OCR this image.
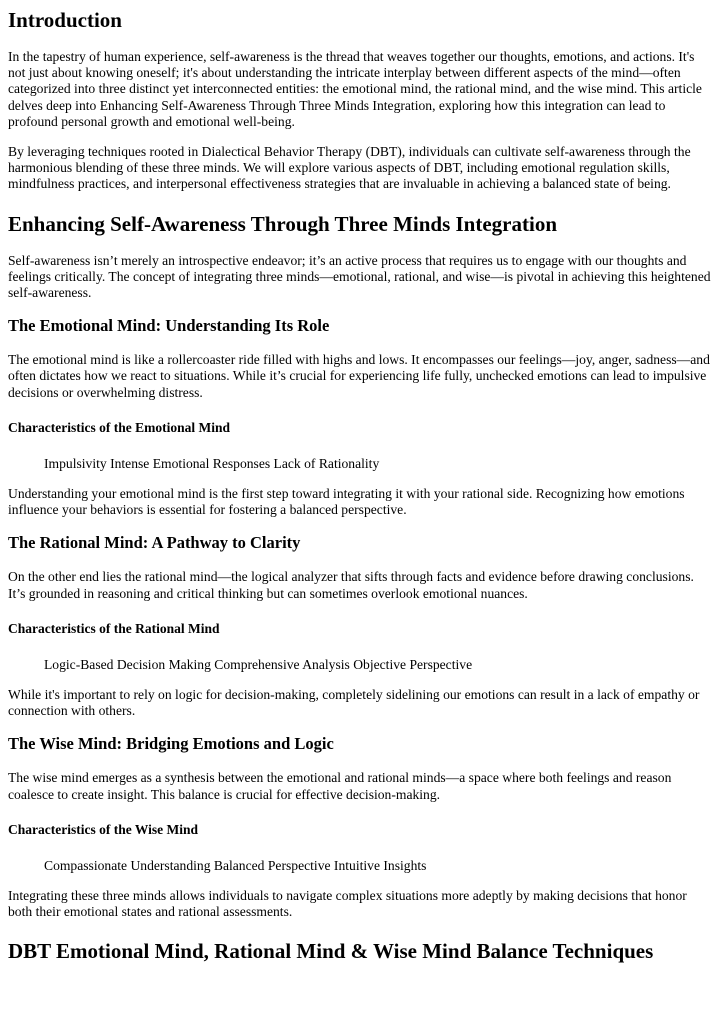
Introduction

In the tapestry of human experience, self-awareness is the thread that weaves together our thoughts, emotions, and actions. It's not just about knowing oneself; it's about understanding the intricate interplay between different aspects of the mind—often categorized into three distinct yet interconnected entities: the emotional mind, the rational mind, and the wise mind. This article delves deep into Enhancing Self-Awareness Through Three Minds Integration, exploring how this integration can lead to profound personal growth and emotional well-being.

By leveraging techniques rooted in Dialectical Behavior Therapy (DBT), individuals can cultivate self-awareness through the harmonious blending of these three minds. We will explore various aspects of DBT, including emotional regulation skills, mindfulness practices, and interpersonal effectiveness strategies that are invaluable in achieving a balanced state of being.

Enhancing Self-Awareness Through Three Minds Integration

Self-awareness isn’t merely an introspective endeavor; it’s an active process that requires us to engage with our thoughts and feelings critically. The concept of integrating three minds—emotional, rational, and wise—is pivotal in achieving this heightened self-awareness.

The Emotional Mind: Understanding Its Role

The emotional mind is like a rollercoaster ride filled with highs and lows. It encompasses our feelings—joy, anger, sadness—and often dictates how we react to situations. While it’s crucial for experiencing life fully, unchecked emotions can lead to impulsive decisions or overwhelming distress.

Characteristics of the Emotional Mind
Impulsivity Intense Emotional Responses Lack of Rationality

Understanding your emotional mind is the first step toward integrating it with your rational side. Recognizing how emotions influence your behaviors is essential for fostering a balanced perspective.

The Rational Mind: A Pathway to Clarity

On the other end lies the rational mind—the logical analyzer that sifts through facts and evidence before drawing conclusions. It’s grounded in reasoning and critical thinking but can sometimes overlook emotional nuances.

Characteristics of the Rational Mind
Logic-Based Decision Making Comprehensive Analysis Objective Perspective

While it's important to rely on logic for decision-making, completely sidelining our emotions can result in a lack of empathy or connection with others.

The Wise Mind: Bridging Emotions and Logic

The wise mind emerges as a synthesis between the emotional and rational minds—a space where both feelings and reason coalesce to create insight. This balance is crucial for effective decision-making.

Characteristics of the Wise Mind
Compassionate Understanding Balanced Perspective Intuitive Insights

Integrating these three minds allows individuals to navigate complex situations more adeptly by making decisions that honor both their emotional states and rational assessments.

DBT Emotional Mind, Rational Mind & Wise Mind Balance Techniques
